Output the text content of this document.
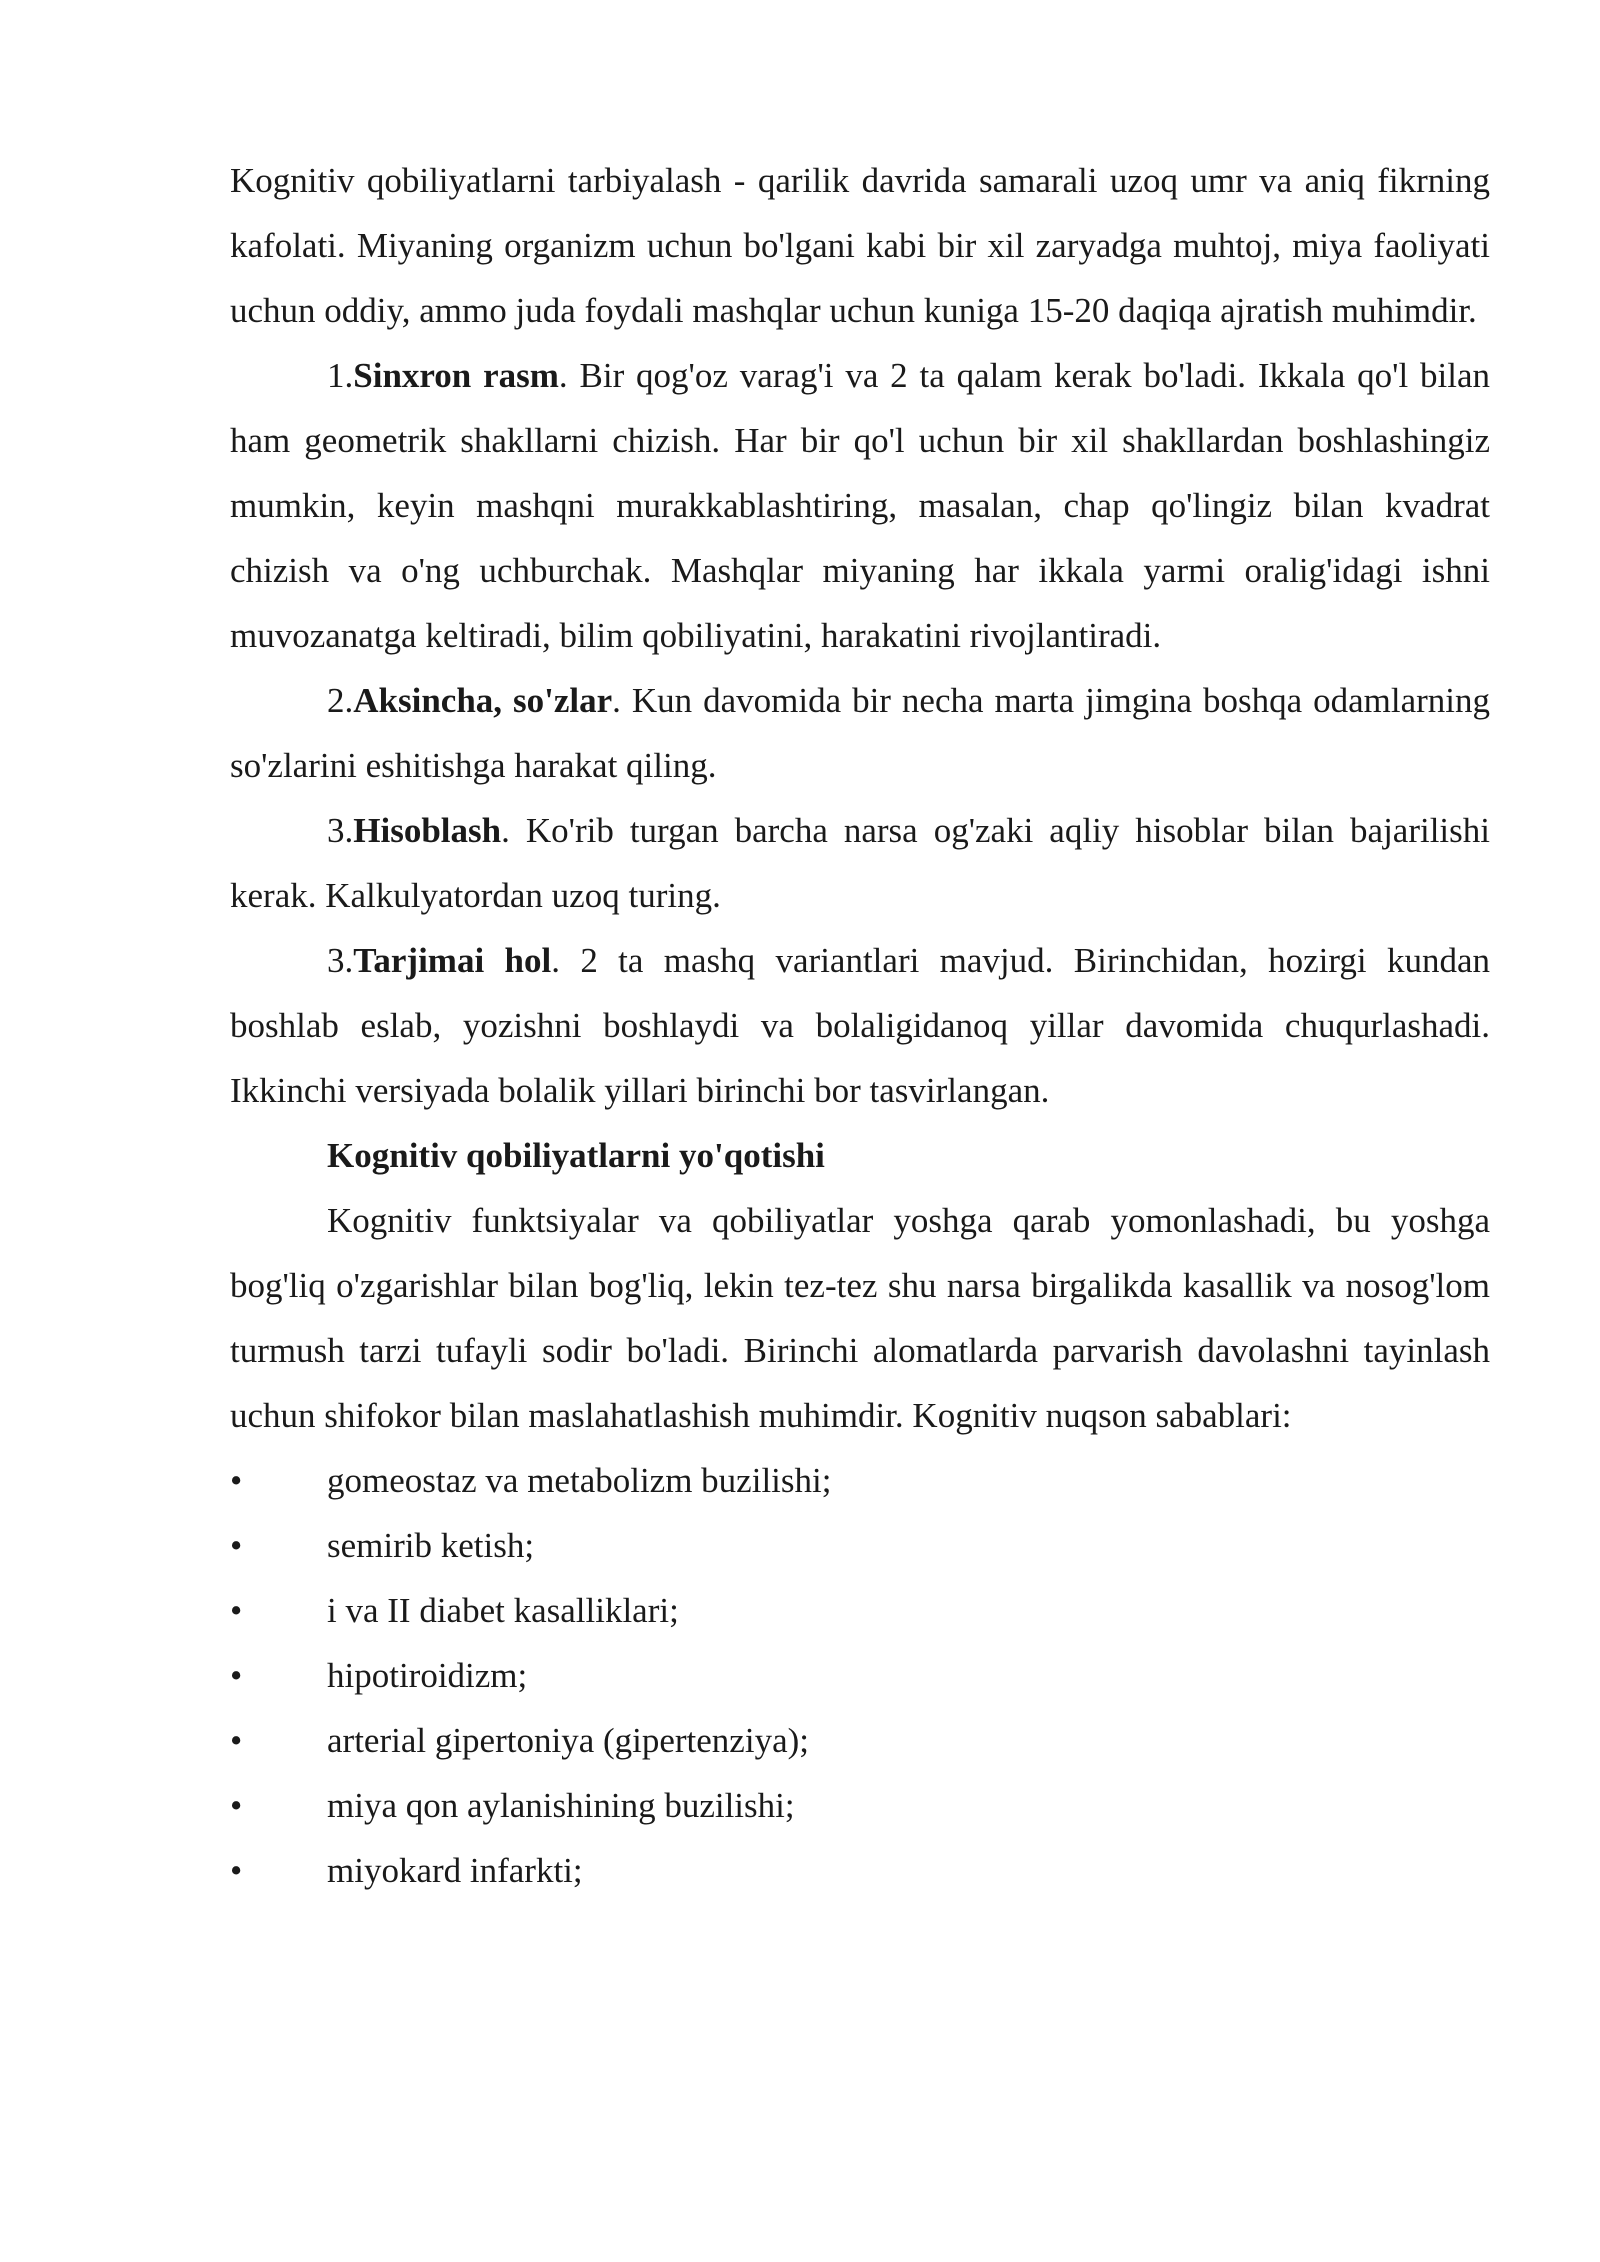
Kognitiv qobiliyatlarni tarbiyalash - qarilik davrida samarali uzoq umr va aniq fikrning kafolati. Miyaning organizm uchun bo'lgani kabi bir xil zaryadga muhtoj, miya faoliyati uchun oddiy, ammo juda foydali mashqlar uchun kuniga 15-20 daqiqa ajratish muhimdir.

1.Sinxron rasm. Bir qog'oz varag'i va 2 ta qalam kerak bo'ladi. Ikkala qo'l bilan ham geometrik shakllarni chizish. Har bir qo'l uchun bir xil shakllardan boshlashingiz mumkin, keyin mashqni murakkablashtiring, masalan, chap qo'lingiz bilan kvadrat chizish va o'ng uchburchak. Mashqlar miyaning har ikkala yarmi oralig'idagi ishni muvozanatga keltiradi, bilim qobiliyatini, harakatini rivojlantiradi.

2.Aksincha, so'zlar. Kun davomida bir necha marta jimgina boshqa odamlarning so'zlarini eshitishga harakat qiling.

3.Hisoblash. Ko'rib turgan barcha narsa og'zaki aqliy hisoblar bilan bajarilishi kerak. Kalkulyatordan uzoq turing.

3.Tarjimai hol. 2 ta mashq variantlari mavjud. Birinchidan, hozirgi kundan boshlab eslab, yozishni boshlaydi va bolaligidanoq yillar davomida chuqurlashadi. Ikkinchi versiyada bolalik yillari birinchi bor tasvirlangan.

Kognitiv qobiliyatlarni yo'qotishi

Kognitiv funktsiyalar va qobiliyatlar yoshga qarab yomonlashadi, bu yoshga bog'liq o'zgarishlar bilan bog'liq, lekin tez-tez shu narsa birgalikda kasallik va nosog'lom turmush tarzi tufayli sodir bo'ladi. Birinchi alomatlarda parvarish davolashni tayinlash uchun shifokor bilan maslahatlashish muhimdir. Kognitiv nuqson sabablari:

• gomeostaz va metabolizm buzilishi;
• semirib ketish;
• i va II diabet kasalliklari;
• hipotiroidizm;
• arterial gipertoniya (gipertenziya);
• miya qon aylanishining buzilishi;
• miyokard infarkti;
